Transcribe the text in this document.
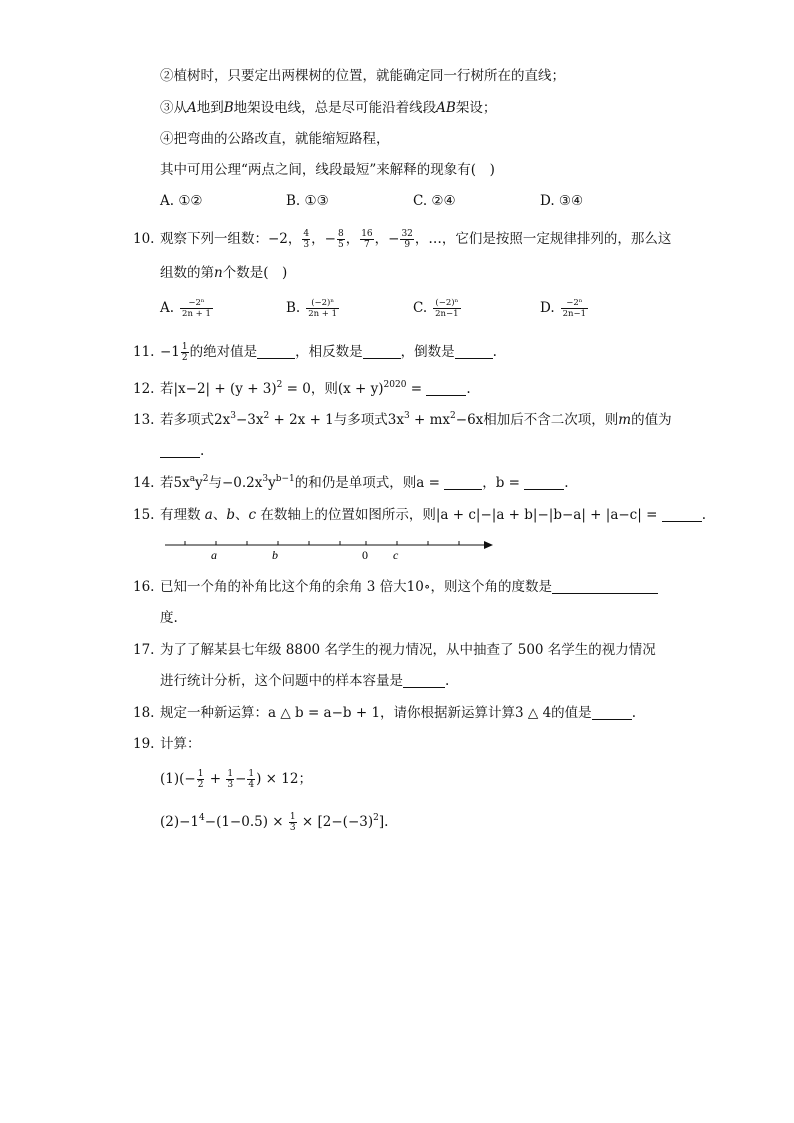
②植树时，只要定出两棵树的位置，就能确定同一行树所在的直线；
③从A地到B地架设电线，总是尽可能沿着线段AB架设；
④把弯曲的公路改直，就能缩短路程，
其中可用公理“两点之间，线段最短”来解释的现象有(　)
A. ①②	B. ①③	C. ②④	D. ③④
10. 观察下列一组数：−2， $\frac{4}{3}$ ，− $\frac{8}{5}$ ， $\frac{16}{7}$ ，− $\frac{32}{9}$ ，…，它们是按照一定规律排列的，那么这
组数的第n个数是(　)
A. $\frac{\text{−2ⁿ}}{2n + 1}$	B. $\frac{\text{(−2)ⁿ}}{2n + 1}$	C. $\frac{\text{(−2)ⁿ}}{2n-1}$	D. $\frac{\text{−2ⁿ}}{2n-1}$
11. $-1 \frac{1}{2}$ 的绝对值是	，相反数是	，倒数是	.
12. 若$|x-2| + (y + 3)^2 = 0$，则$(x + y)^{2020}$ =	.
13. 若多项式$2x^3-3x^2 + 2x + 1$与多项式$3x^3 + mx^2-6x$相加后不含二次项，则m的值为
.
14. 若$5x^ay^2$与$-0.2x^3y^{b-1}$的和仍是单项式，则a =	，b =	.
15. 有理数 a、b、c 在数轴上的位置如图所示，则|a + c|−|a + b|−|b−a| + |a−c| =	.
a	b	0 c
16. 已知一个角的补角比这个角的余角 3 倍大10∘，则这个角的度数是
度.
17. 为了了解某县七年级 8800 名学生的视力情况，从中抽查了 500 名学生的视力情况
进行统计分析，这个问题中的样本容量是	.
18. 规定一种新运算：a △ b = a−b + 1，请你根据新运算计算3 △ 4的值是	.
19. 计算：
$(1)(- \frac{1}{2} + \frac{1}{3} - \frac{1}{4}$ ) × 12；
$(2)-1^4-(1-0.5) \times \frac{1}{3} \times [2-(-3)^2]$.
